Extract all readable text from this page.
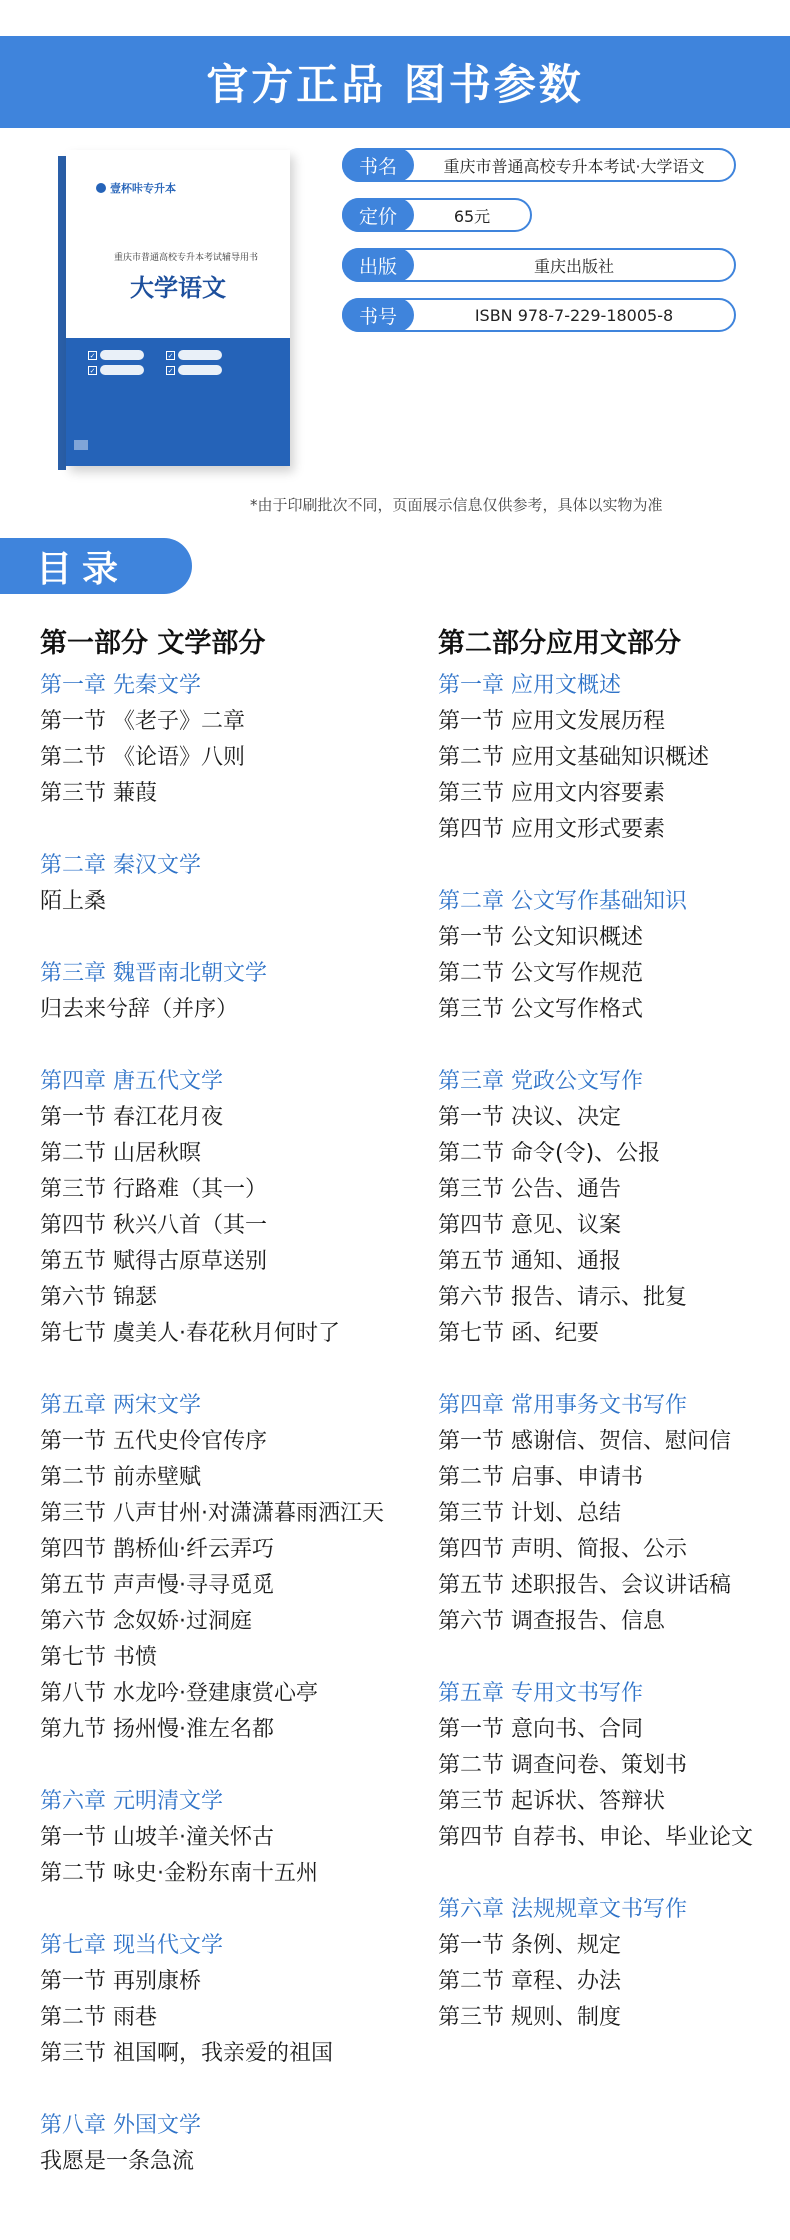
官方正品 图书参数
壹杯咔专升本
重庆市普通高校专升本考试辅导用书
大学语文
✓	✓
✓	✓
书名	重庆市普通高校专升本考试·大学语文
定价	65元
出版	重庆出版社
书号	ISBN 978-7-229-18005-8
*由于印刷批次不同，页面展示信息仅供参考，具体以实物为准
目录
第一部分 文学部分
第一章 先秦文学
第一节 《老子》二章
第二节 《论语》八则
第三节 蒹葭
第二章 秦汉文学
陌上桑
第三章 魏晋南北朝文学
归去来兮辞（并序）
第四章 唐五代文学
第一节 春江花月夜
第二节 山居秋暝
第三节 行路难（其一）
第四节 秋兴八首（其一
第五节 赋得古原草送别
第六节 锦瑟
第七节 虞美人·春花秋月何时了
第五章 两宋文学
第一节 五代史伶官传序
第二节 前赤壁赋
第三节 八声甘州·对潇潇暮雨洒江天
第四节 鹊桥仙·纤云弄巧
第五节 声声慢·寻寻觅觅
第六节 念奴娇·过洞庭
第七节 书愤
第八节 水龙吟·登建康赏心亭
第九节 扬州慢·淮左名都
第六章 元明清文学
第一节 山坡羊·潼关怀古
第二节 咏史·金粉东南十五州
第七章 现当代文学
第一节 再别康桥
第二节 雨巷
第三节 祖国啊，我亲爱的祖国
第八章 外国文学
我愿是一条急流
第二部分应用文部分
第一章 应用文概述
第一节 应用文发展历程
第二节 应用文基础知识概述
第三节 应用文内容要素
第四节 应用文形式要素
第二章 公文写作基础知识
第一节 公文知识概述
第二节 公文写作规范
第三节 公文写作格式
第三章 党政公文写作
第一节 决议、决定
第二节 命令(令)、公报
第三节 公告、通告
第四节 意见、议案
第五节 通知、通报
第六节 报告、请示、批复
第七节 函、纪要
第四章 常用事务文书写作
第一节 感谢信、贺信、慰问信
第二节 启事、申请书
第三节 计划、总结
第四节 声明、简报、公示
第五节 述职报告、会议讲话稿
第六节 调查报告、信息
第五章 专用文书写作
第一节 意向书、合同
第二节 调查问卷、策划书
第三节 起诉状、答辩状
第四节 自荐书、申论、毕业论文
第六章 法规规章文书写作
第一节 条例、规定
第二节 章程、办法
第三节 规则、制度
